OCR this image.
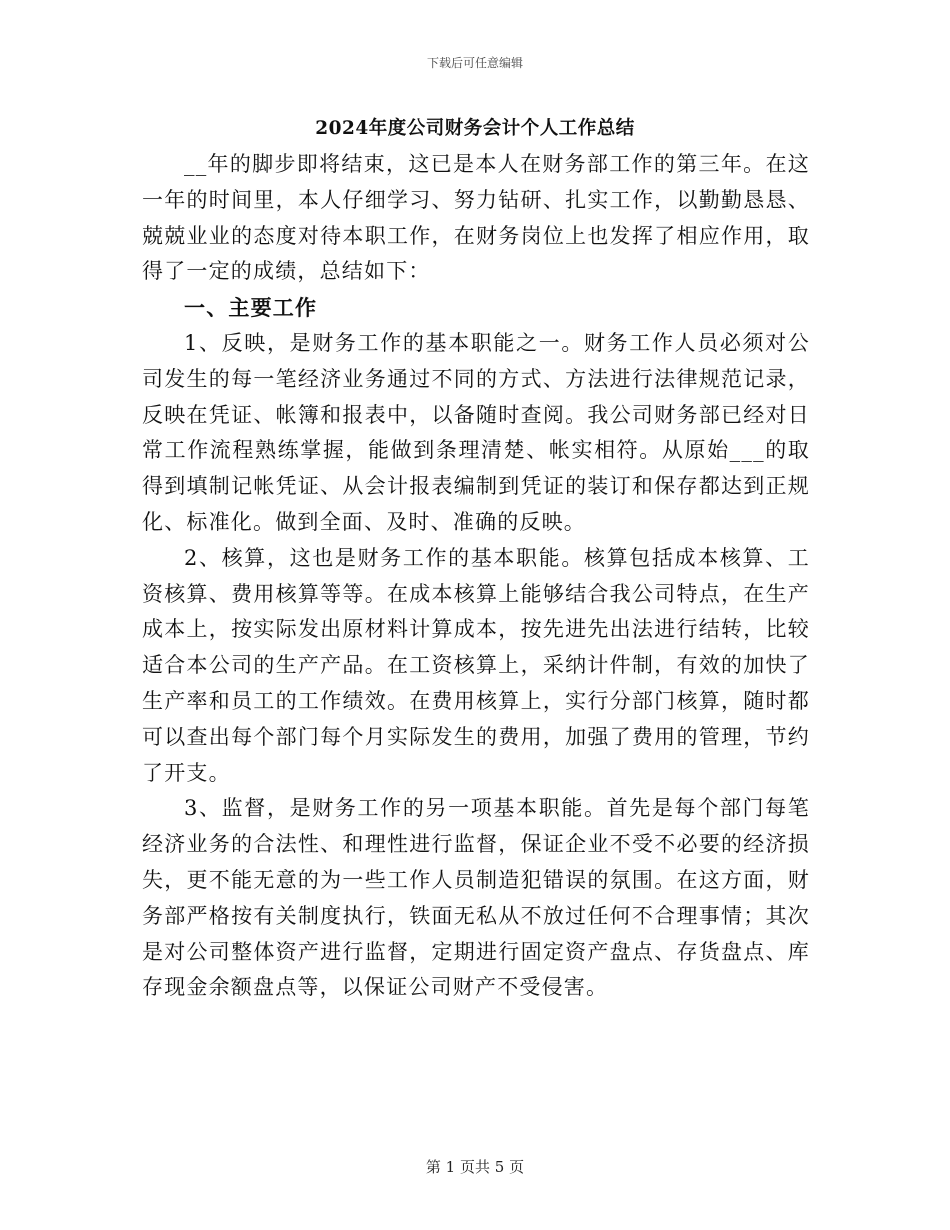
下载后可任意编辑
2024年度公司财务会计个人工作总结

__年的脚步即将结束，这已是本人在财务部工作的第三年。在这一年的时间里，本人仔细学习、努力钻研、扎实工作，以勤勤恳恳、兢兢业业的态度对待本职工作，在财务岗位上也发挥了相应作用，取得了一定的成绩，总结如下：

一、主要工作

1、反映，是财务工作的基本职能之一。财务工作人员必须对公司发生的每一笔经济业务通过不同的方式、方法进行法律规范记录，反映在凭证、帐簿和报表中，以备随时查阅。我公司财务部已经对日常工作流程熟练掌握，能做到条理清楚、帐实相符。从原始___的取得到填制记帐凭证、从会计报表编制到凭证的装订和保存都达到正规化、标准化。做到全面、及时、准确的反映。

2、核算，这也是财务工作的基本职能。核算包括成本核算、工资核算、费用核算等等。在成本核算上能够结合我公司特点，在生产成本上，按实际发出原材料计算成本，按先进先出法进行结转，比较适合本公司的生产产品。在工资核算上，采纳计件制，有效的加快了生产率和员工的工作绩效。在费用核算上，实行分部门核算，随时都可以查出每个部门每个月实际发生的费用，加强了费用的管理，节约了开支。

3、监督，是财务工作的另一项基本职能。首先是每个部门每笔经济业务的合法性、和理性进行监督，保证企业不受不必要的经济损失，更不能无意的为一些工作人员制造犯错误的氛围。在这方面，财务部严格按有关制度执行，铁面无私从不放过任何不合理事情；其次是对公司整体资产进行监督，定期进行固定资产盘点、存货盘点、库存现金余额盘点等，以保证公司财产不受侵害。

第 1 页共 5 页
